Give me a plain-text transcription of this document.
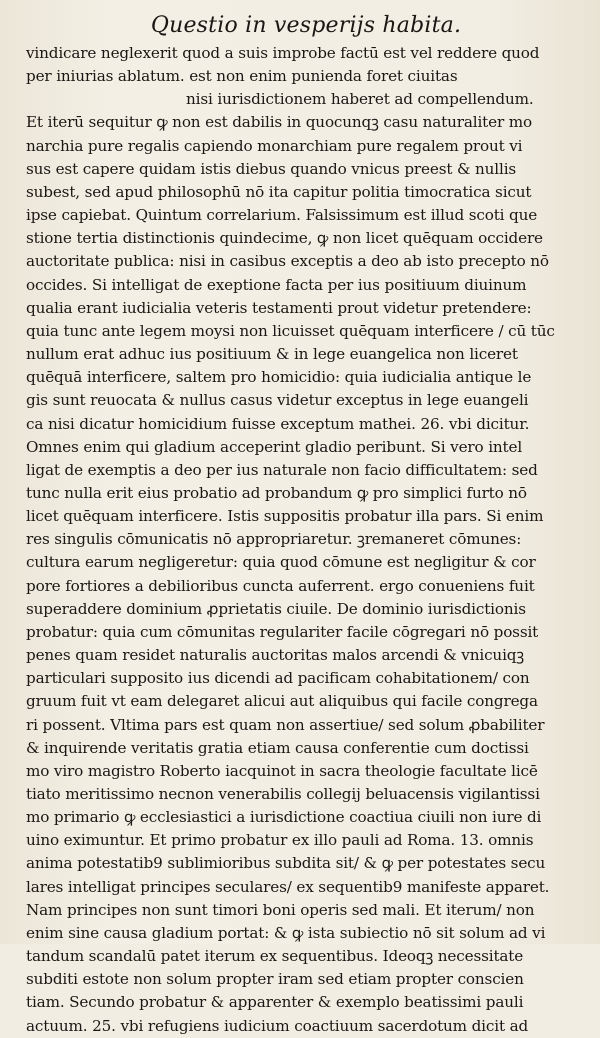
Questio in vesperijs habita.
vindicare neglexerit quod a suis improbe factū est vel reddere quod
per iniurias ablatum. est non enim punienda foret ciuitas
nisi iurisdictionem haberet ad compellendum.
Et iterū sequitur ꝙ non est dabilis in quocunqꝫ casu naturaliter mo
narchia pure regalis capiendo monarchiam pure regalem prout vi
sus est capere quidam istis diebus quando vnicus preest & nullis
subest, sed apud philosophū nō ita capitur politia timocratica sicut
ipse capiebat. Quintum correlarium. Falsissimum est illud scoti que
stione tertia distinctionis quindecime, ꝙ non licet quēquam occidere
auctoritate publica: nisi in casibus exceptis a deo ab isto precepto nō
occides. Si intelligat de exeptione facta per ius positiuum diuinum
qualia erant iudicialia veteris testamenti prout videtur pretendere:
quia tunc ante legem moysi non licuisset quēquam interficere / cū tūc
nullum erat adhuc ius positiuum & in lege euangelica non liceret
quēquā interficere, saltem pro homicidio: quia iudicialia antique le
gis sunt reuocata & nullus casus videtur exceptus in lege euangeli
ca nisi dicatur homicidium fuisse exceptum mathei. 26. vbi dicitur.
Omnes enim qui gladium acceperint gladio peribunt. Si vero intel
ligat de exemptis a deo per ius naturale non facio difficultatem: sed
tunc nulla erit eius probatio ad probandum ꝙ pro simplici furto nō
licet quēquam interficere. Istis suppositis probatur illa pars. Si enim
res singulis cōmunicatis nō appropriaretur. ꝫremaneret cōmunes:
cultura earum negligeretur: quia quod cōmune est negligitur & cor
pore fortiores a debilioribus cuncta auferrent. ergo conueniens fuit
superaddere dominium ꝓprietatis ciuile. De dominio iurisdictionis
probatur: quia cum cōmunitas regulariter facile cōgregari nō possit
penes quam residet naturalis auctoritas malos arcendi & vnicuiqꝫ
particulari supposito ius dicendi ad pacificam cohabitationem/ con
gruum fuit vt eam delegaret alicui aut aliquibus qui facile congrega
ri possent. Vltima pars est quam non assertiue/ sed solum ꝓbabiliter
& inquirende veritatis gratia etiam causa conferentie cum doctissi
mo viro magistro Roberto iacquinot in sacra theologie facultate licē
tiato meritissimo necnon venerabilis collegij beluacensis vigilantissi
mo primario ꝙ ecclesiastici a iurisdictione coactiua ciuili non iure di
uino eximuntur. Et primo probatur ex illo pauli ad Roma. 13. omnis
anima potestatib9 sublimioribus subdita sit/ & ꝙ per potestates secu
lares intelligat principes seculares/ ex sequentib9 manifeste apparet.
Nam principes non sunt timori boni operis sed mali. Et iterum/ non
enim sine causa gladium portat: & ꝙ ista subiectio nō sit solum ad vi
tandum scandalū patet iterum ex sequentibus. Ideoqꝫ necessitate
subditi estote non solum propter iram sed etiam propter conscien
tiam. Secundo probatur & apparenter & exemplo beatissimi pauli
actuum. 25. vbi refugiens iudicium coactiuum sacerdotum dicit ad
